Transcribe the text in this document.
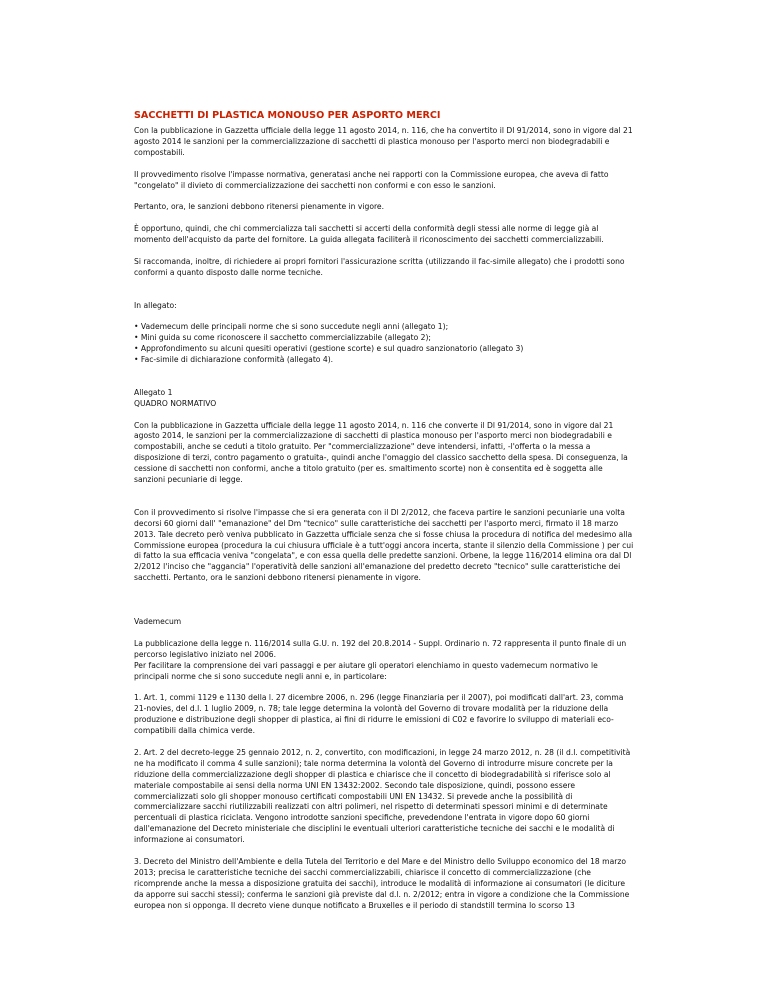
SACCHETTI DI PLASTICA MONOUSO PER ASPORTO MERCI
Con la pubblicazione in Gazzetta ufficiale della legge 11 agosto 2014, n. 116, che ha convertito il Dl 91/2014, sono in vigore dal 21 agosto 2014 le sanzioni per la commercializzazione di sacchetti di plastica monouso per l'asporto merci non biodegradabili e compostabili.
Il provvedimento risolve l'impasse normativa, generatasi anche nei rapporti con la Commissione europea, che aveva di fatto "congelato" il divieto di commercializzazione dei sacchetti non conformi e con esso le sanzioni.
Pertanto, ora, le sanzioni debbono ritenersi pienamente in vigore.
È opportuno, quindi, che chi commercializza tali sacchetti si accerti della conformità degli stessi alle norme di legge già al momento dell'acquisto da parte del fornitore. La guida allegata faciliterà il riconoscimento dei sacchetti commercializzabili.
Si raccomanda, inoltre, di richiedere ai propri fornitori l'assicurazione scritta (utilizzando il fac-simile allegato) che i prodotti sono conformi a quanto disposto dalle norme tecniche.
In allegato:
• Vademecum delle principali norme che si sono succedute negli anni (allegato 1);
• Mini guida su come riconoscere il sacchetto commercializzabile (allegato 2);
• Approfondimento su alcuni quesiti operativi (gestione scorte) e sul quadro sanzionatorio (allegato 3)
• Fac-simile di dichiarazione conformità (allegato 4).
Allegato 1
QUADRO NORMATIVO
Con la pubblicazione in Gazzetta ufficiale della legge 11 agosto 2014, n. 116 che converte il Dl 91/2014, sono in vigore dal 21 agosto 2014, le sanzioni per la commercializzazione di sacchetti di plastica monouso per l'asporto merci non biodegradabili e compostabili, anche se ceduti a titolo gratuito. Per "commercializzazione" deve intendersi, infatti, -l'offerta o la messa a disposizione di terzi, contro pagamento o gratuita-, quindi anche l'omaggio del classico sacchetto della spesa. Di conseguenza, la cessione di sacchetti non conformi, anche a titolo gratuito (per es. smaltimento scorte) non è consentita ed è soggetta alle sanzioni pecuniarie di legge.
Con il provvedimento si risolve l'impasse che si era generata con il Dl 2/2012, che faceva partire le sanzioni pecuniarie una volta decorsi 60 giorni dall' "emanazione" del Dm "tecnico" sulle caratteristiche dei sacchetti per l'asporto merci, firmato il 18 marzo 2013. Tale decreto però veniva pubblicato in Gazzetta ufficiale senza che si fosse chiusa la procedura di notifica del medesimo alla Commissione europea (procedura la cui chiusura ufficiale è a tutt'oggi ancora incerta, stante il silenzio della Commissione ) per cui di fatto la sua efficacia veniva "congelata", e con essa quella delle predette sanzioni. Orbene, la legge 116/2014 elimina ora dal Dl 2/2012 l'inciso che "aggancia" l'operatività delle sanzioni all'emanazione del predetto decreto "tecnico" sulle caratteristiche dei sacchetti. Pertanto, ora le sanzioni debbono ritenersi pienamente in vigore.
Vademecum
La pubblicazione della legge n. 116/2014 sulla G.U. n. 192 del 20.8.2014 - Suppl. Ordinario n. 72 rappresenta il punto finale di un percorso legislativo iniziato nel 2006.
Per facilitare la comprensione dei vari passaggi e per aiutare gli operatori elenchiamo in questo vademecum normativo le principali norme che si sono succedute negli anni e, in particolare:
1. Art. 1, commi 1129 e 1130 della l. 27 dicembre 2006, n. 296 (legge Finanziaria per il 2007), poi modificati dall'art. 23, comma 21-novies, del d.l. 1 luglio 2009, n. 78; tale legge determina la volontà del Governo di trovare modalità per la riduzione della produzione e distribuzione degli shopper di plastica, ai fini di ridurre le emissioni di C02 e favorire lo sviluppo di materiali eco-compatibili dalla chimica verde.
2. Art. 2 del decreto-legge 25 gennaio 2012, n. 2, convertito, con modificazioni, in legge 24 marzo 2012, n. 28 (il d.l. competitività ne ha modificato il comma 4 sulle sanzioni); tale norma determina la volontà del Governo di introdurre misure concrete per la riduzione della commercializzazione degli shopper di plastica e chiarisce che il concetto di biodegradabilità si riferisce solo al materiale compostabile ai sensi della norma UNI EN 13432:2002. Secondo tale disposizione, quindi, possono essere commercializzati solo gli shopper monouso certificati compostabili UNI EN 13432. Si prevede anche la possibilità di commercializzare sacchi riutilizzabili realizzati con altri polimeri, nel rispetto di determinati spessori minimi e di determinate percentuali di plastica riciclata. Vengono introdotte sanzioni specifiche, prevedendone l'entrata in vigore dopo 60 giorni dall'emanazione del Decreto ministeriale che disciplini le eventuali ulteriori caratteristiche tecniche dei sacchi e le modalità di informazione ai consumatori.
3. Decreto del Ministro dell'Ambiente e della Tutela del Territorio e del Mare e del Ministro dello Sviluppo economico del 18 marzo 2013; precisa le caratteristiche tecniche dei sacchi commercializzabili, chiarisce il concetto di commercializzazione (che ricomprende anche la messa a disposizione gratuita dei sacchi), introduce le modalità di informazione ai consumatori (le diciture da apporre sui sacchi stessi); conferma le sanzioni già previste dal d.l. n. 2/2012; entra in vigore a condizione che la Commissione europea non si opponga. Il decreto viene dunque notificato a Bruxelles e il periodo di standstill termina lo scorso 13
